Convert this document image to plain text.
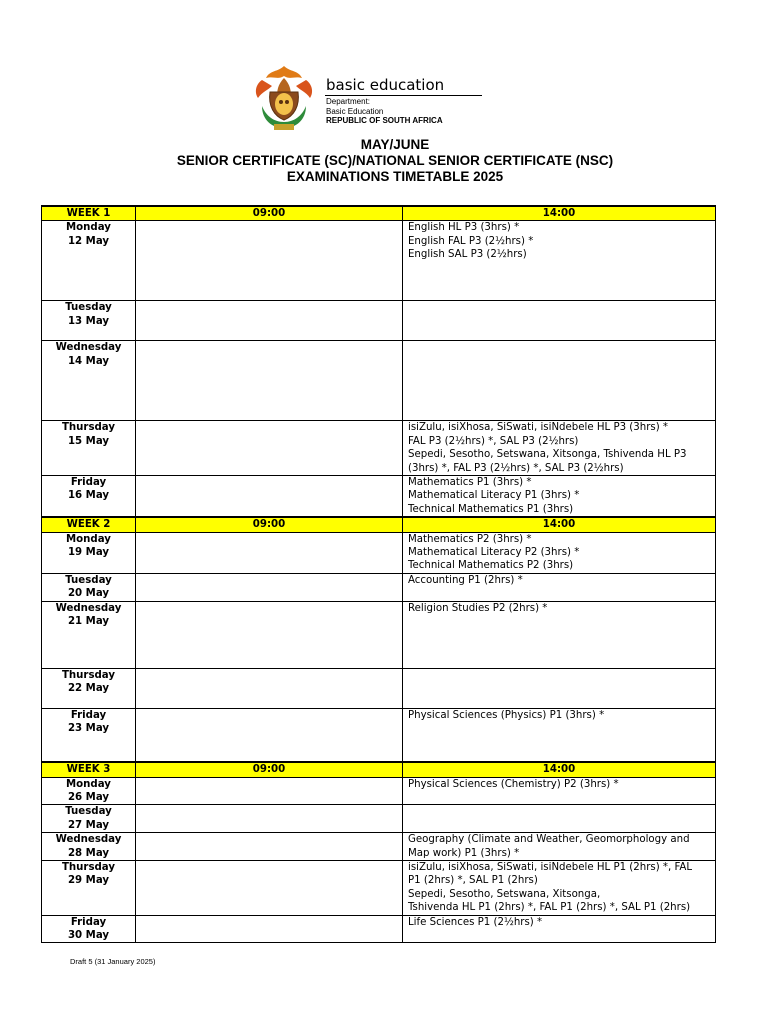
basic education
Department:
Basic Education
REPUBLIC OF SOUTH AFRICA
MAY/JUNE
SENIOR CERTIFICATE (SC)/NATIONAL SENIOR CERTIFICATE (NSC)
EXAMINATIONS TIMETABLE 2025
WEEK 1	09:00	14:00

Monday
12 May		English HL P3 (3hrs) *
English FAL P3 (2½hrs) *
English SAL P3 (2½hrs)

Tuesday
13 May		

Wednesday
14 May		

Thursday
15 May		isiZulu, isiXhosa, SiSwati, isiNdebele HL P3 (3hrs) *
FAL P3 (2½hrs) *, SAL P3 (2½hrs)
Sepedi, Sesotho, Setswana, Xitsonga, Tshivenda HL P3
(3hrs) *, FAL P3 (2½hrs) *, SAL P3 (2½hrs)

Friday
16 May		Mathematics P1 (3hrs) *
Mathematical Literacy P1 (3hrs) *
Technical Mathematics P1 (3hrs)

WEEK 2	09:00	14:00

Monday
19 May		Mathematics P2 (3hrs) *
Mathematical Literacy P2 (3hrs) *
Technical Mathematics P2 (3hrs)

Tuesday
20 May		Accounting P1 (2hrs) *

Wednesday
21 May		Religion Studies P2 (2hrs) *

Thursday
22 May		

Friday
23 May		Physical Sciences (Physics) P1 (3hrs) *

WEEK 3	09:00	14:00

Monday
26 May		Physical Sciences (Chemistry) P2 (3hrs) *

Tuesday
27 May		

Wednesday
28 May		Geography (Climate and Weather, Geomorphology and
Map work) P1 (3hrs) *

Thursday
29 May		isiZulu, isiXhosa, SiSwati, isiNdebele HL P1 (2hrs) *, FAL
P1 (2hrs) *, SAL P1 (2hrs)
Sepedi, Sesotho, Setswana, Xitsonga,
Tshivenda HL P1 (2hrs) *, FAL P1 (2hrs) *, SAL P1 (2hrs)

Friday
30 May		Life Sciences P1 (2½hrs) *
Draft 5 (31 January 2025)
